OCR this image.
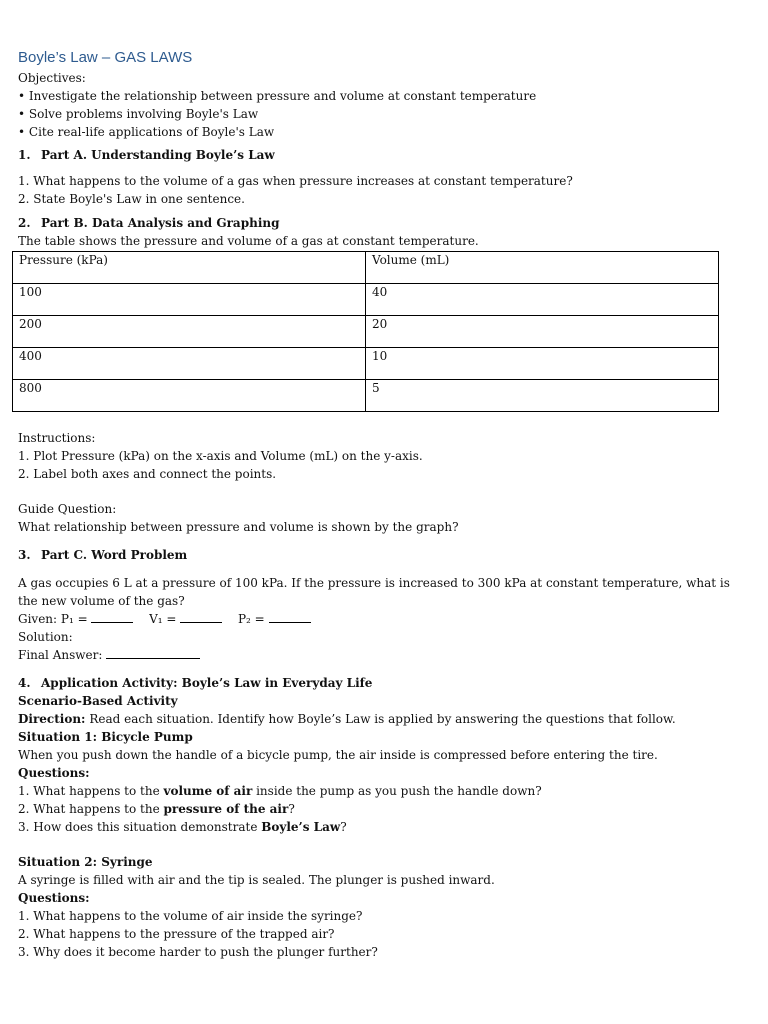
Boyle’s Law – GAS LAWS
Objectives:
• Investigate the relationship between pressure and volume at constant temperature
• Solve problems involving Boyle's Law
• Cite real-life applications of Boyle's Law
1. Part A. Understanding Boyle’s Law
1. What happens to the volume of a gas when pressure increases at constant temperature?
2. State Boyle's Law in one sentence.
2. Part B. Data Analysis and Graphing
The table shows the pressure and volume of a gas at constant temperature.
Pressure (kPa)	Volume (mL)
100	40
200	20
400	10
800	5
Instructions:
1. Plot Pressure (kPa) on the x-axis and Volume (mL) on the y-axis.
2. Label both axes and connect the points.
Guide Question:
What relationship between pressure and volume is shown by the graph?
3. Part C. Word Problem
A gas occupies 6 L at a pressure of 100 kPa. If the pressure is increased to 300 kPa at constant temperature, what is the new volume of the gas?
Given: P₁ =	V₁ =	P₂ =
Solution:
Final Answer:
4. Application Activity: Boyle’s Law in Everyday Life
Scenario-Based Activity
Direction: Read each situation. Identify how Boyle’s Law is applied by answering the questions that follow.
Situation 1: Bicycle Pump
When you push down the handle of a bicycle pump, the air inside is compressed before entering the tire.
Questions:
1. What happens to the volume of air inside the pump as you push the handle down?
2. What happens to the pressure of the air?
3. How does this situation demonstrate Boyle’s Law?
Situation 2: Syringe
A syringe is filled with air and the tip is sealed. The plunger is pushed inward.
Questions:
1. What happens to the volume of air inside the syringe?
2. What happens to the pressure of the trapped air?
3. Why does it become harder to push the plunger further?
